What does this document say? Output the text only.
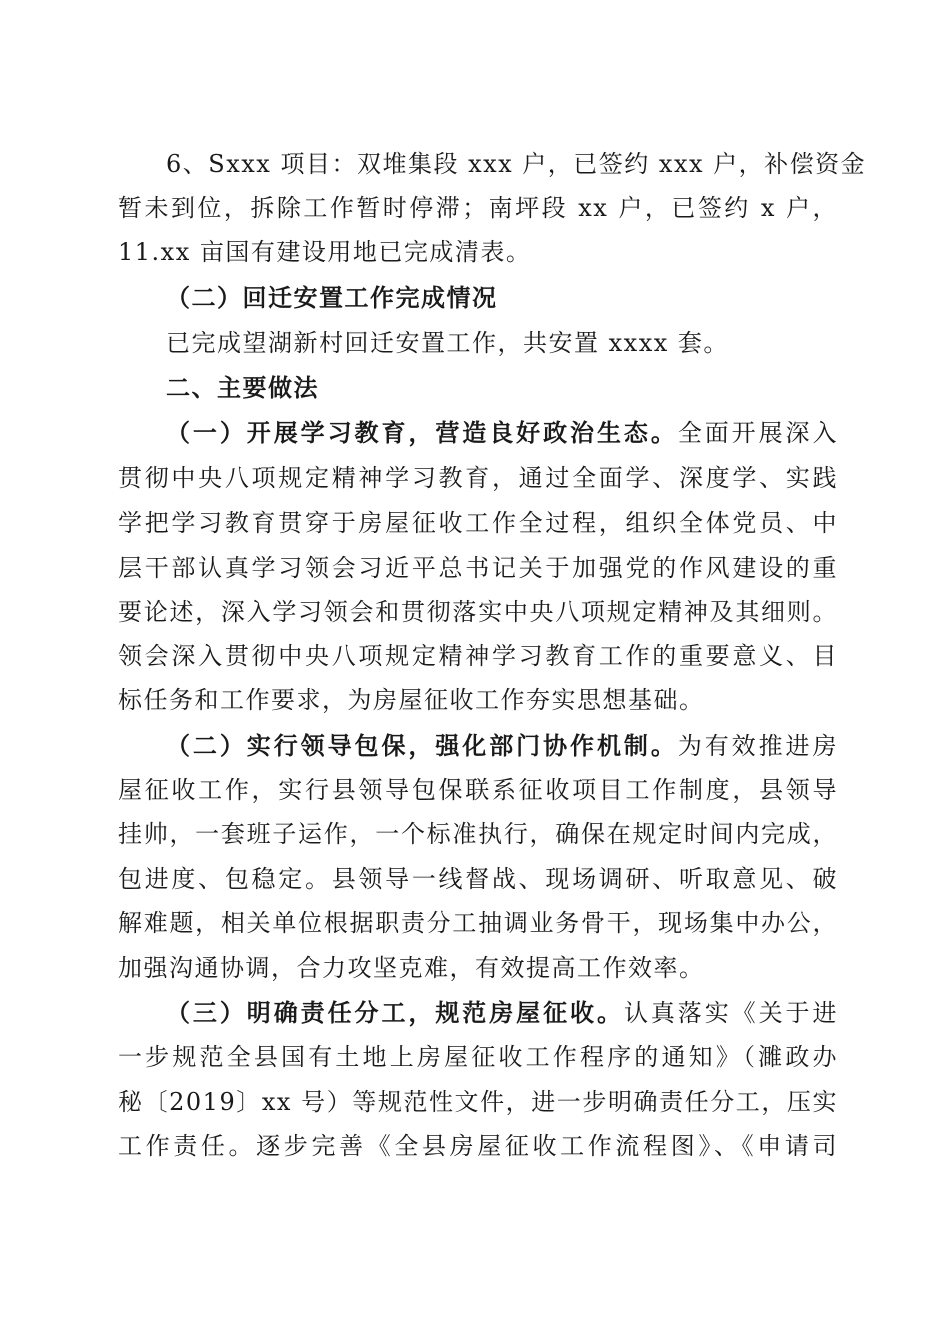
6、Sxxx 项目：双堆集段 xxx 户，已签约 xxx 户，补偿资金
暂未到位，拆除工作暂时停滞；南坪段 xx 户，已签约 x 户，
11.xx 亩国有建设用地已完成清表。
（二）回迁安置工作完成情况
已完成望湖新村回迁安置工作，共安置 xxxx 套。
二、主要做法
（一）开展学习教育，营造良好政治生态。全面开展深入
贯彻中央八项规定精神学习教育，通过全面学、深度学、实践
学把学习教育贯穿于房屋征收工作全过程，组织全体党员、中
层干部认真学习领会习近平总书记关于加强党的作风建设的重
要论述，深入学习领会和贯彻落实中央八项规定精神及其细则。
领会深入贯彻中央八项规定精神学习教育工作的重要意义、目
标任务和工作要求，为房屋征收工作夯实思想基础。
（二）实行领导包保，强化部门协作机制。为有效推进房
屋征收工作，实行县领导包保联系征收项目工作制度，县领导
挂帅，一套班子运作，一个标准执行，确保在规定时间内完成，
包进度、包稳定。县领导一线督战、现场调研、听取意见、破
解难题，相关单位根据职责分工抽调业务骨干，现场集中办公，
加强沟通协调，合力攻坚克难，有效提高工作效率。
（三）明确责任分工，规范房屋征收。认真落实《关于进
一步规范全县国有土地上房屋征收工作程序的通知》（濉政办
秘〔2019〕xx 号）等规范性文件，进一步明确责任分工，压实
工作责任。逐步完善《全县房屋征收工作流程图》、《申请司
